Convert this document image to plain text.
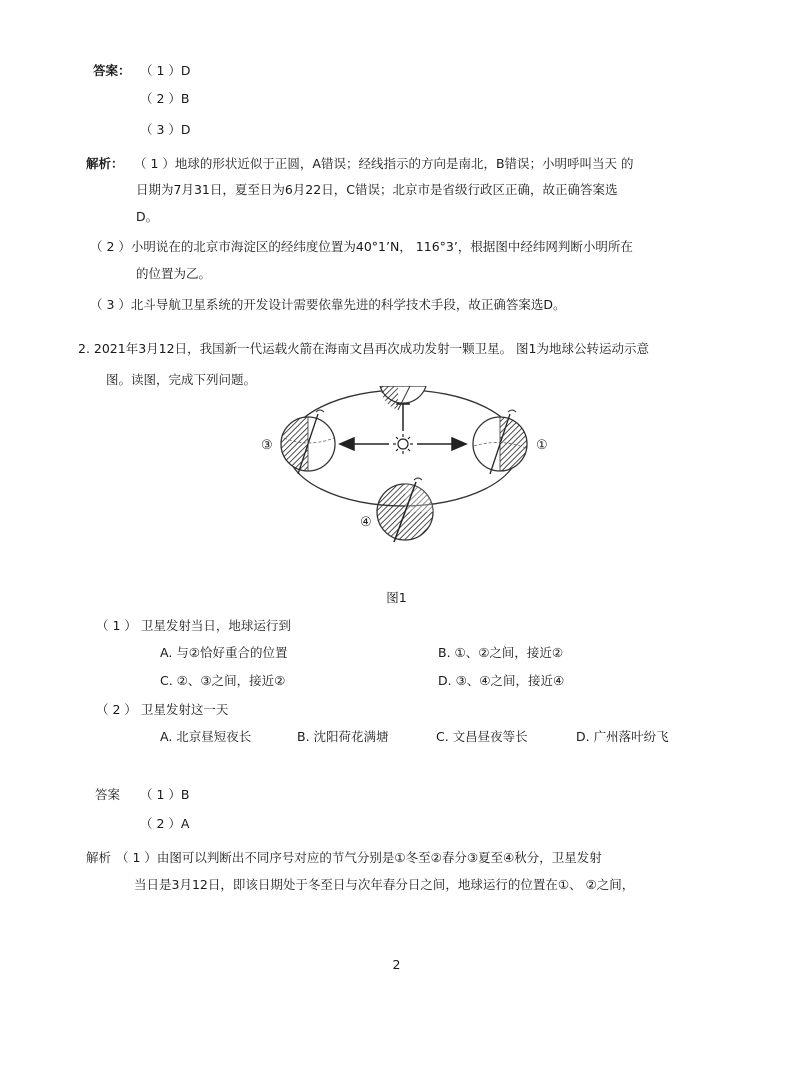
答案： （ 1 ）D
（ 2 ）B
（ 3 ）D
解析： （ 1 ）地球的形状近似于正圆，A错误；经线指示的方向是南北，B错误；小明呼叫当天 的
日期为7月31日，夏至日为6月22日，C错误；北京市是省级行政区正确，故正确答案选
D。
（ 2 ）小明说在的北京市海淀区的经纬度位置为40°1’N， 116°3’，根据图中经纬网判断小明所在
的位置为乙。
（ 3 ）北斗导航卫星系统的开发设计需要依靠先进的科学技术手段，故正确答案选D。
2. 2021年3月12日，我国新一代运载火箭在海南文昌再次成功发射一颗卫星。 图1为地球公转运动示意
图。读图，完成下列问题。
①
③
④
图1
（ 1 ） 卫星发射当日，地球运行到
A. 与②恰好重合的位置	B. ①、②之间，接近②
C. ②、③之间，接近②	D. ③、④之间，接近④
（ 2 ） 卫星发射这一天
A. 北京昼短夜长	B. 沈阳荷花满塘	C. 文昌昼夜等长	D. 广州落叶纷飞
答案 （ 1 ）B
（ 2 ）A
解析 （ 1 ）由图可以判断出不同序号对应的节气分别是①冬至②春分③夏至④秋分，卫星发射
当日是3月12日，即该日期处于冬至日与次年春分日之间，地球运行的位置在①、 ②之间，
2
